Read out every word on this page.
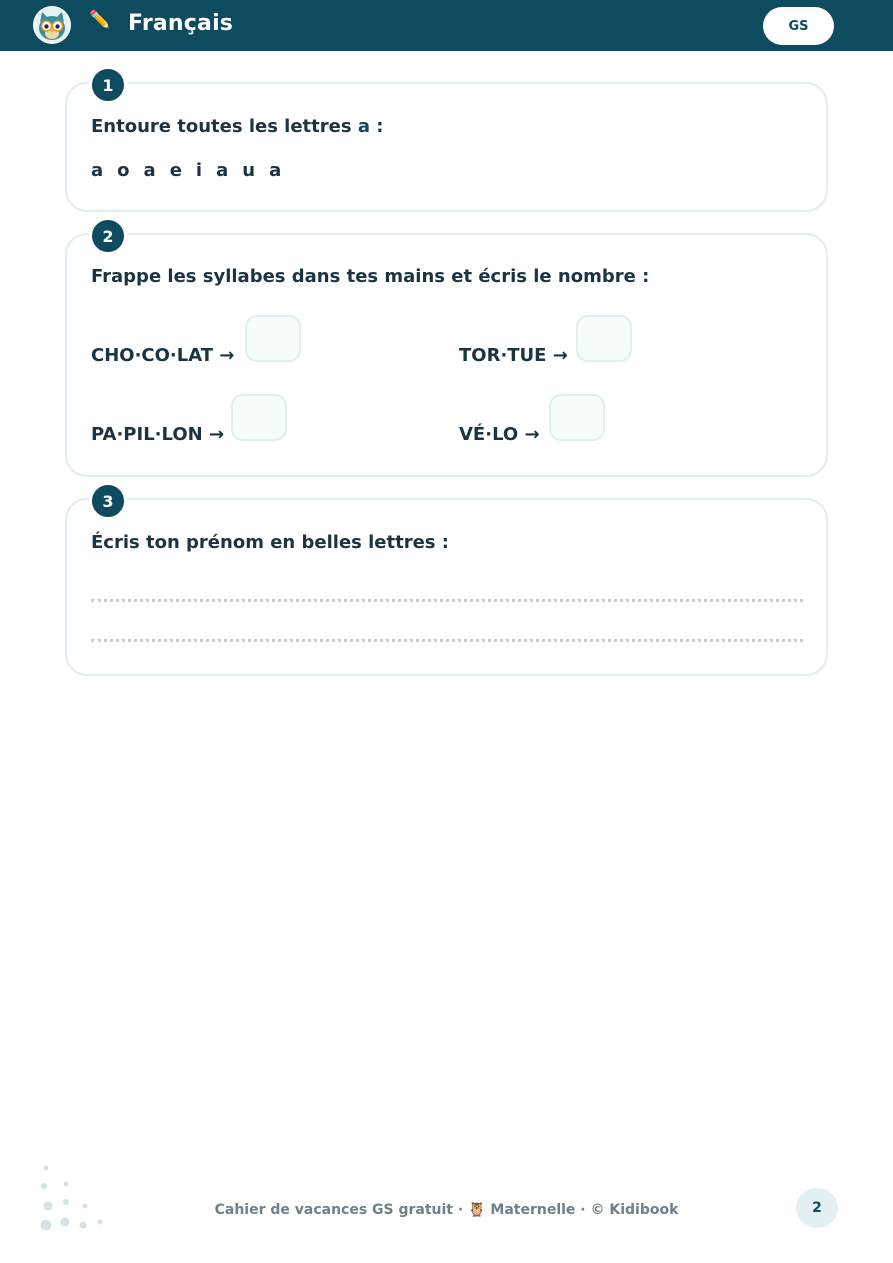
✏️ Français	GS
1
Entoure toutes les lettres a :
a o a e i a u a
2
Frappe les syllabes dans tes mains et écris le nombre :
CHO·CO·LAT →	TOR·TUE →
PA·PIL·LON →	VÉ·LO →
3
Écris ton prénom en belles lettres :
Cahier de vacances GS gratuit · 🦉 Maternelle · © Kidibook	2
